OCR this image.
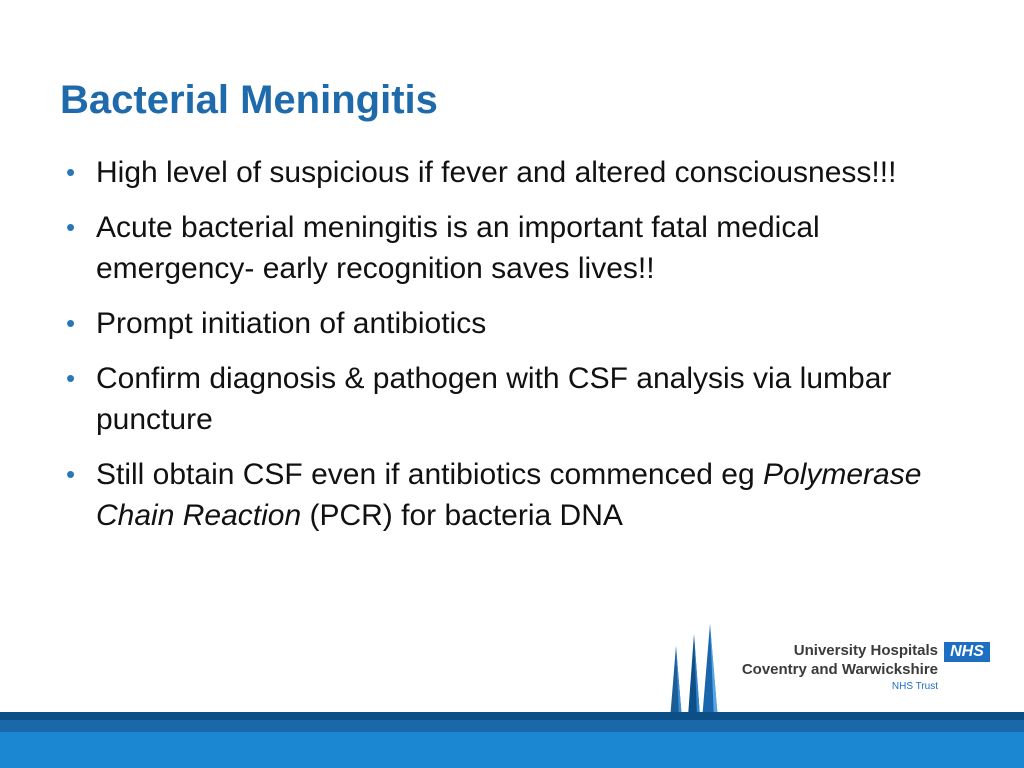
Bacterial Meningitis
• High level of suspicious if fever and altered consciousness!!!
• Acute bacterial meningitis is an important fatal medical emergency- early recognition saves lives!!
• Prompt initiation of antibiotics
• Confirm diagnosis & pathogen with CSF analysis via lumbar puncture
• Still obtain CSF even if antibiotics commenced eg Polymerase Chain Reaction (PCR) for bacteria DNA
University Hospitals NHS
Coventry and Warwickshire
NHS Trust
